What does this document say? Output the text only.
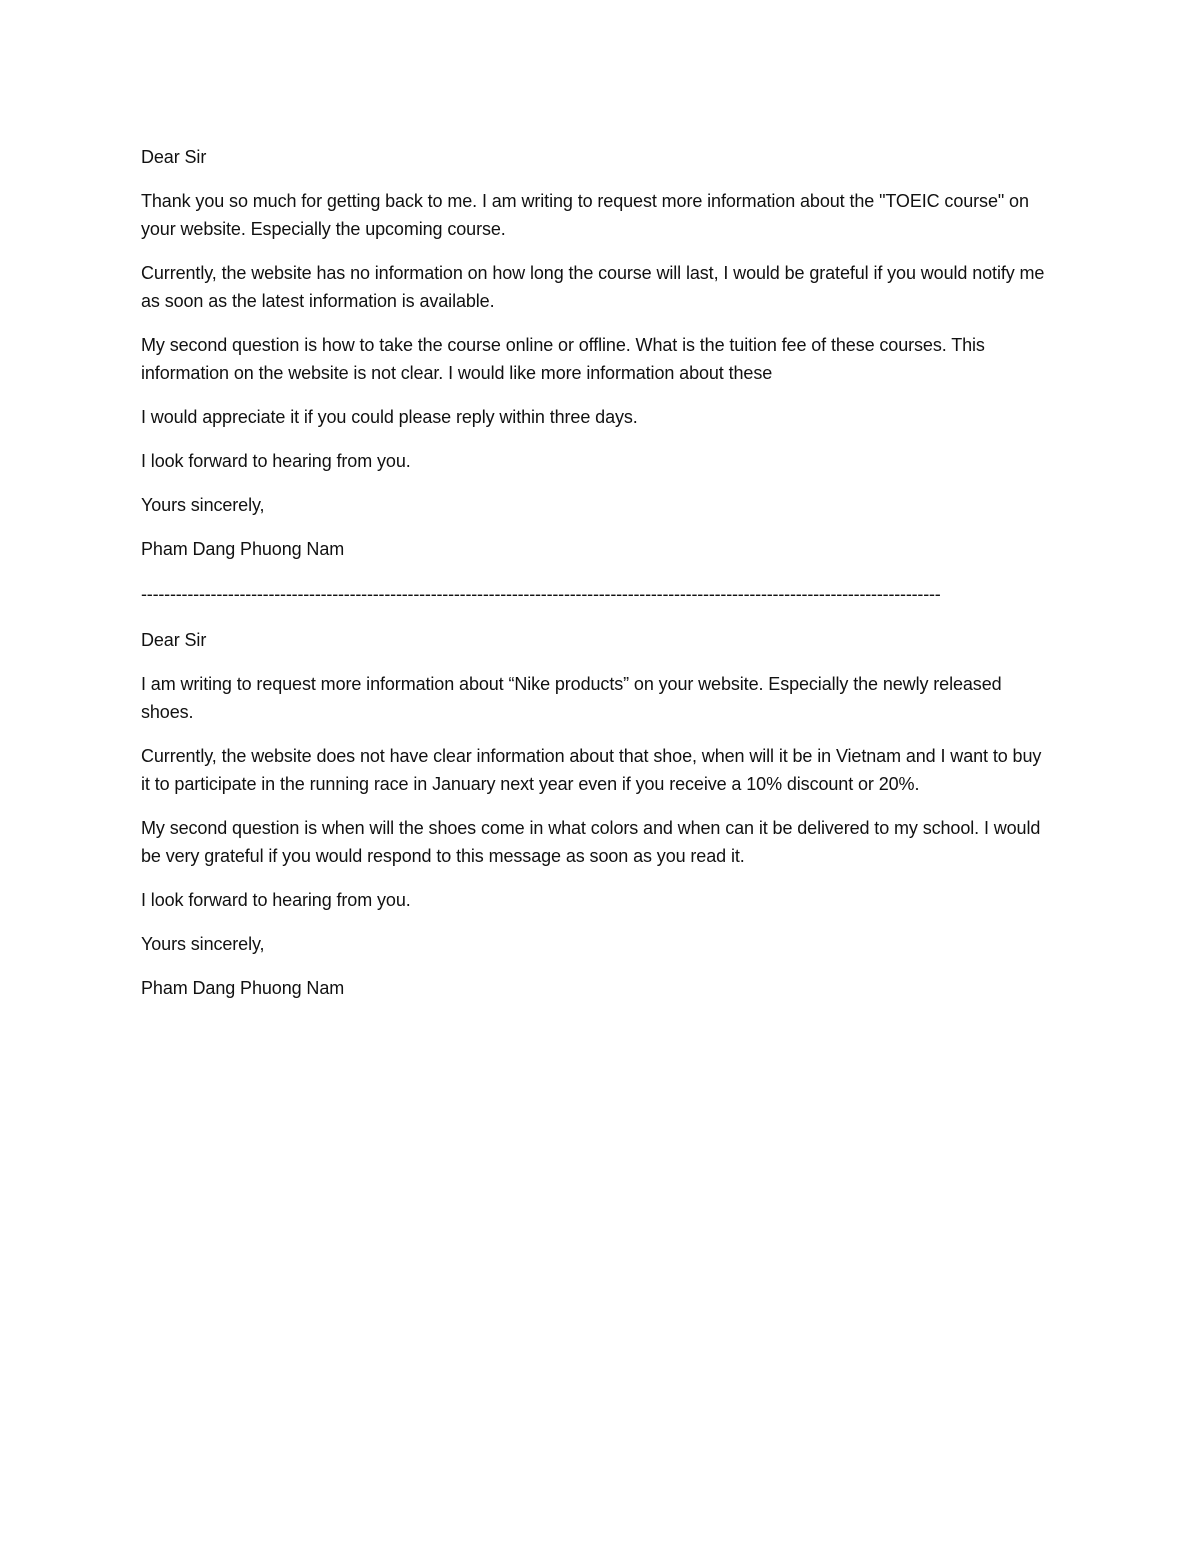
Dear Sir

Thank you so much for getting back to me. I am writing to request more information about the "TOEIC course" on your website. Especially the upcoming course.

Currently, the website has no information on how long the course will last, I would be grateful if you would notify me as soon as the latest information is available.

My second question is how to take the course online or offline. What is the tuition fee of these courses. This information on the website is not clear. I would like more information about these

I would appreciate it if you could please reply within three days.

I look forward to hearing from you.

Yours sincerely,

Pham Dang Phuong Nam

------------------------------------------------------------------------------------------------------------------------------------------

Dear Sir

I am writing to request more information about “Nike products” on your website. Especially the newly released shoes.

Currently, the website does not have clear information about that shoe, when will it be in Vietnam and I want to buy it to participate in the running race in January next year even if you receive a 10% discount or 20%.

My second question is when will the shoes come in what colors and when can it be delivered to my school. I would be very grateful if you would respond to this message as soon as you read it.

I look forward to hearing from you.

Yours sincerely,

Pham Dang Phuong Nam
